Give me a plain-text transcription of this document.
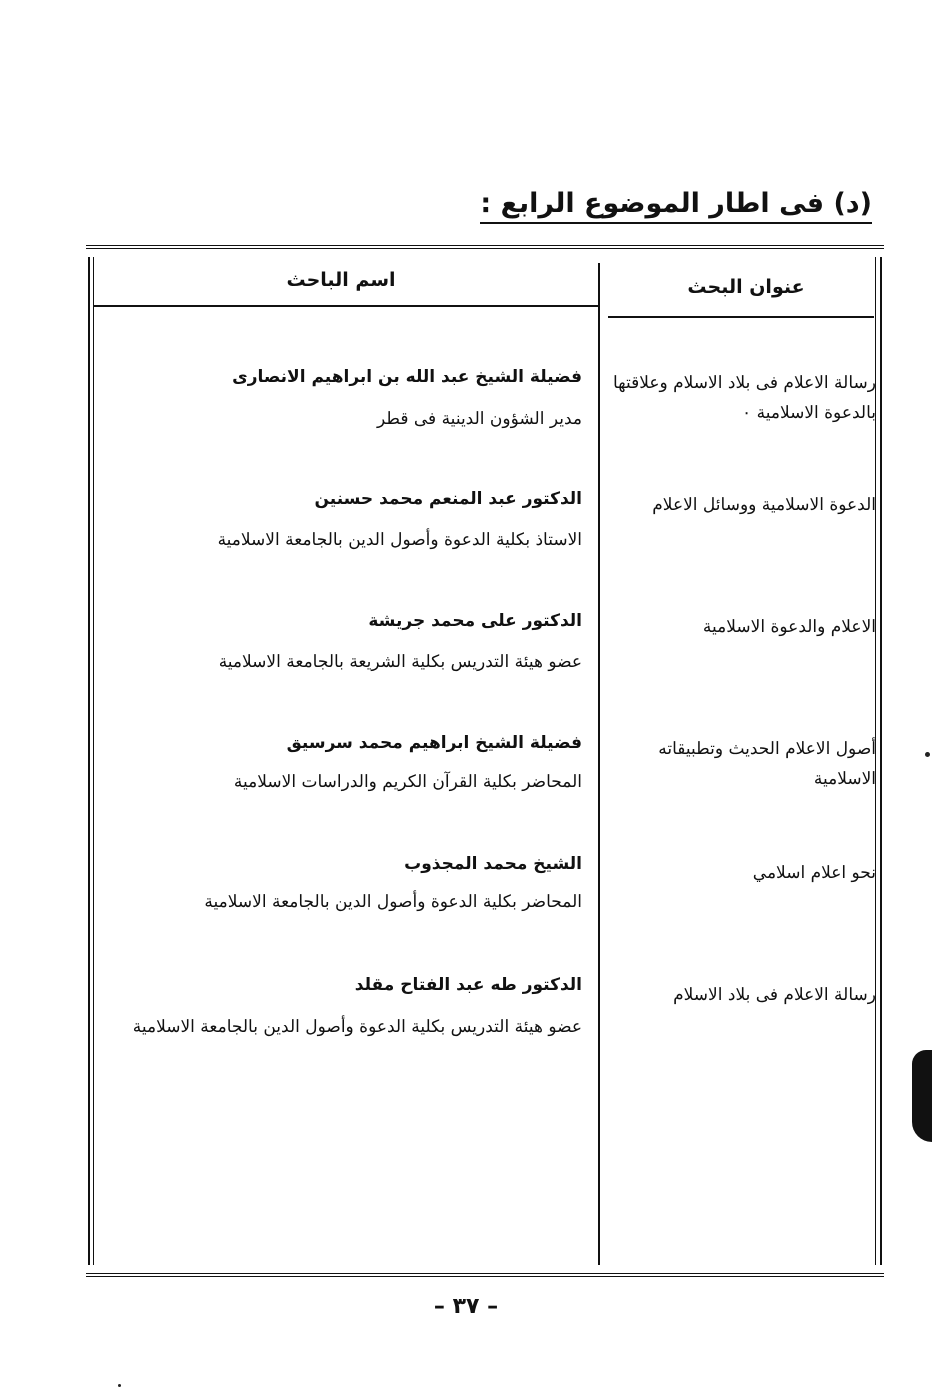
(د) فى اطار الموضوع الرابع :
اسم الباحث	عنوان البحث
رسالة الاعلام فى بلاد الاسلام وعلاقتها بالدعوة الاسلامية ٠
فضيلة الشيخ عبد الله بن ابراهيم الانصارى
مدير الشؤون الدينية فى قطر
الدعوة الاسلامية ووسائل الاعلام
الدكتور عبد المنعم محمد حسنين
الاستاذ بكلية الدعوة وأصول الدين بالجامعة الاسلامية
الاعلام والدعوة الاسلامية
الدكتور على محمد جريشة
عضو هيئة التدريس بكلية الشريعة بالجامعة الاسلامية
أصول الاعلام الحديث وتطبيقاته الاسلامية
فضيلة الشيخ ابراهيم محمد سرسيق
المحاضر بكلية القرآن الكريم والدراسات الاسلامية
نحو اعلام اسلامي
الشيخ محمد المجذوب
المحاضر بكلية الدعوة وأصول الدين بالجامعة الاسلامية
رسالة الاعلام فى بلاد الاسلام
الدكتور طه عبد الفتاح مقلد
عضو هيئة التدريس بكلية الدعوة وأصول الدين بالجامعة الاسلامية
– ٣٧ –
